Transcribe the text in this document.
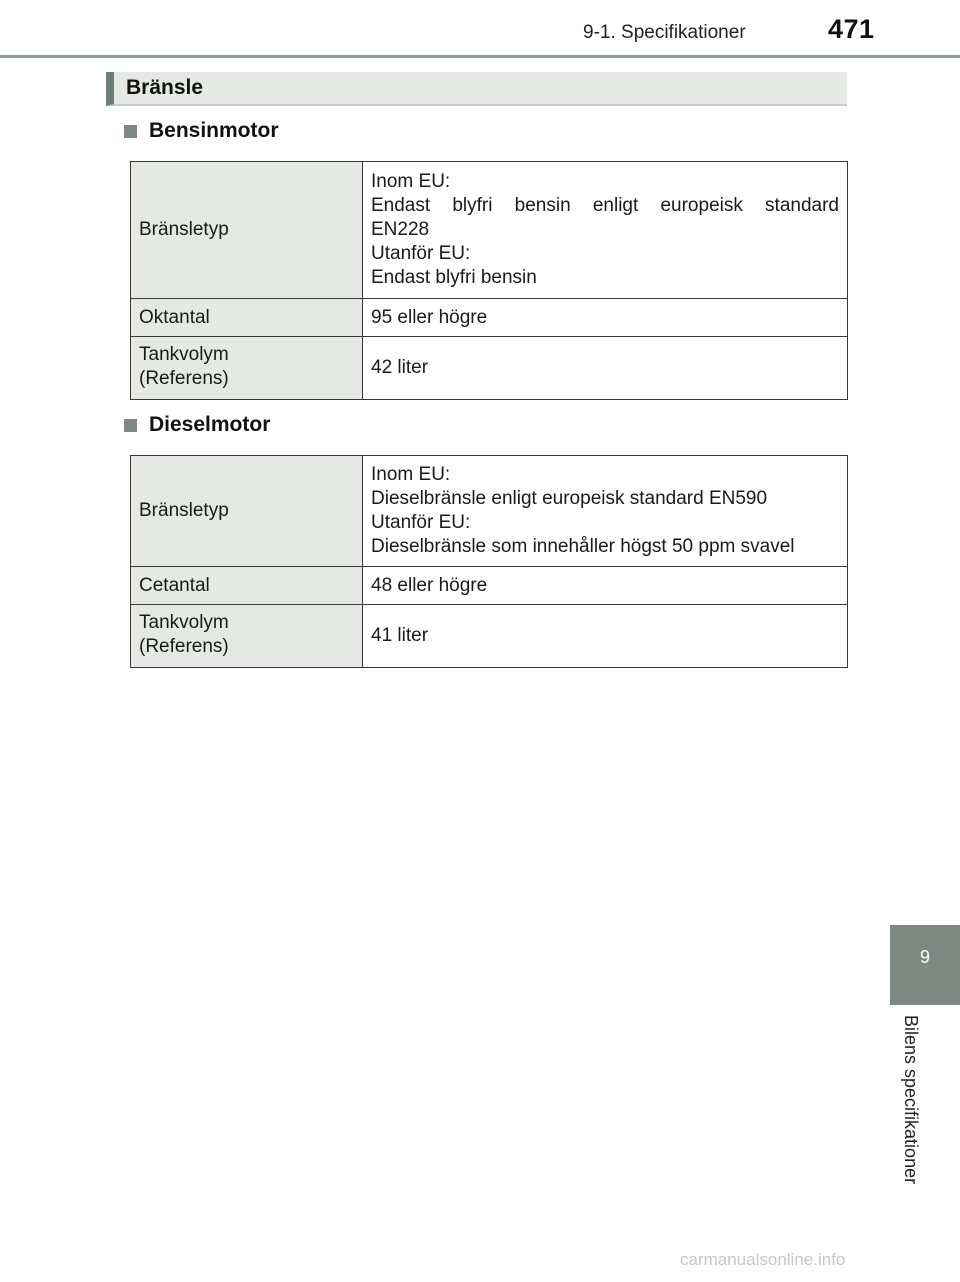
9-1. Specifikationer	471
Bränsle
Bensinmotor
Bränsletyp	Inom EU:
Endast blyfri bensin enligt europeisk standard
EN228
Utanför EU:
Endast blyfri bensin

Oktantal	95 eller högre

Tankvolym
(Referens)	42 liter
Dieselmotor
Bränsletyp	Inom EU:
Dieselbränsle enligt europeisk standard EN590
Utanför EU:
Dieselbränsle som innehåller högst 50 ppm svavel

Cetantal	48 eller högre

Tankvolym
(Referens)	41 liter
9
Bilens specifikationer
carmanualsonline.info
